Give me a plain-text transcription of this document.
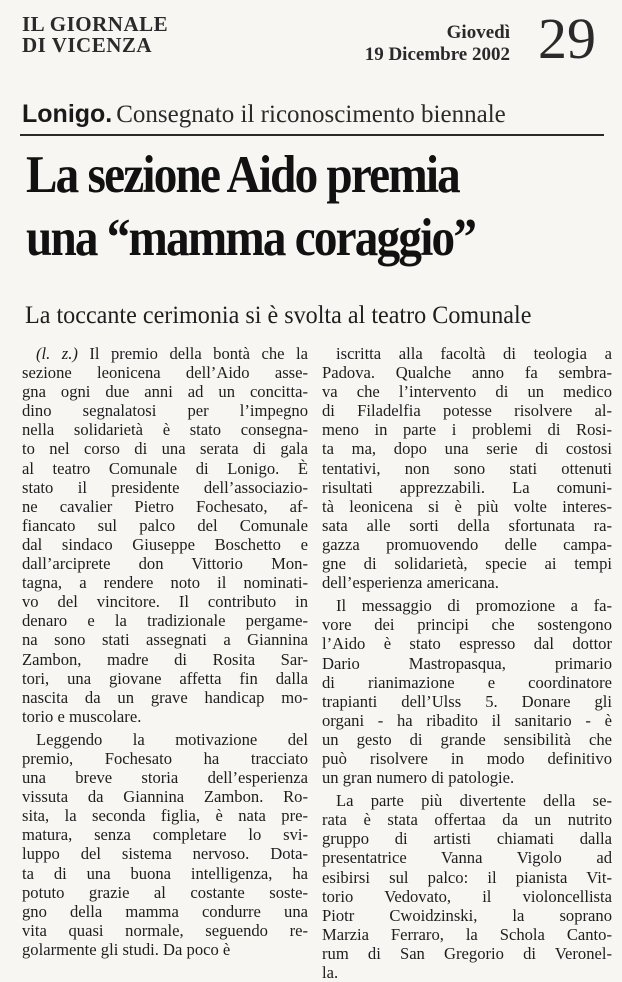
IL GIORNALE
DI VICENZA
Giovedì
19 Dicembre 2002 29
Lonigo. Consegnato il riconoscimento biennale
La sezione Aido premia
una “mamma coraggio”
La toccante cerimonia si è svolta al teatro Comunale

(l. z.) Il premio della bontà che la
sezione leonicena dell’Aido asse-
gna ogni due anni ad un concitta-
dino segnalatosi per l’impegno
nella solidarietà è stato consegna-
to nel corso di una serata di gala
al teatro Comunale di Lonigo. È
stato il presidente dell’associazio-
ne cavalier Pietro Fochesato, af-
fiancato sul palco del Comunale
dal sindaco Giuseppe Boschetto e
dall’arciprete don Vittorio Mon-
tagna, a rendere noto il nominati-
vo del vincitore. Il contributo in
denaro e la tradizionale pergame-
na sono stati assegnati a Giannina
Zambon, madre di Rosita Sar-
tori, una giovane affetta fin dalla
nascita da un grave handicap mo-
torio e muscolare.

Leggendo la motivazione del
premio, Fochesato ha tracciato
una breve storia dell’esperienza
vissuta da Giannina Zambon. Ro-
sita, la seconda figlia, è nata pre-
matura, senza completare lo svi-
luppo del sistema nervoso. Dota-
ta di una buona intelligenza, ha
potuto grazie al costante soste-
gno della mamma condurre una
vita quasi normale, seguendo re-
golarmente gli studi. Da poco è

iscritta alla facoltà di teologia a
Padova. Qualche anno fa sembra-
va che l’intervento di un medico
di Filadelfia potesse risolvere al-
meno in parte i problemi di Rosi-
ta ma, dopo una serie di costosi
tentativi, non sono stati ottenuti
risultati apprezzabili. La comuni-
tà leonicena si è più volte interes-
sata alle sorti della sfortunata ra-
gazza promuovendo delle campa-
gne di solidarietà, specie ai tempi
dell’esperienza americana.

Il messaggio di promozione a fa-
vore dei principi che sostengono
l’Aido è stato espresso dal dottor
Dario Mastropasqua, primario
di rianimazione e coordinatore
trapianti dell’Ulss 5. Donare gli
organi - ha ribadito il sanitario - è
un gesto di grande sensibilità che
può risolvere in modo definitivo
un gran numero di patologie.

La parte più divertente della se-
rata è stata offertaa da un nutrito
gruppo di artisti chiamati dalla
presentatrice Vanna Vigolo ad
esibirsi sul palco: il pianista Vit-
torio Vedovato, il violoncellista
Piotr Cwoidzinski, la soprano
Marzia Ferraro, la Schola Canto-
rum di San Gregorio di Veronel-
la.
